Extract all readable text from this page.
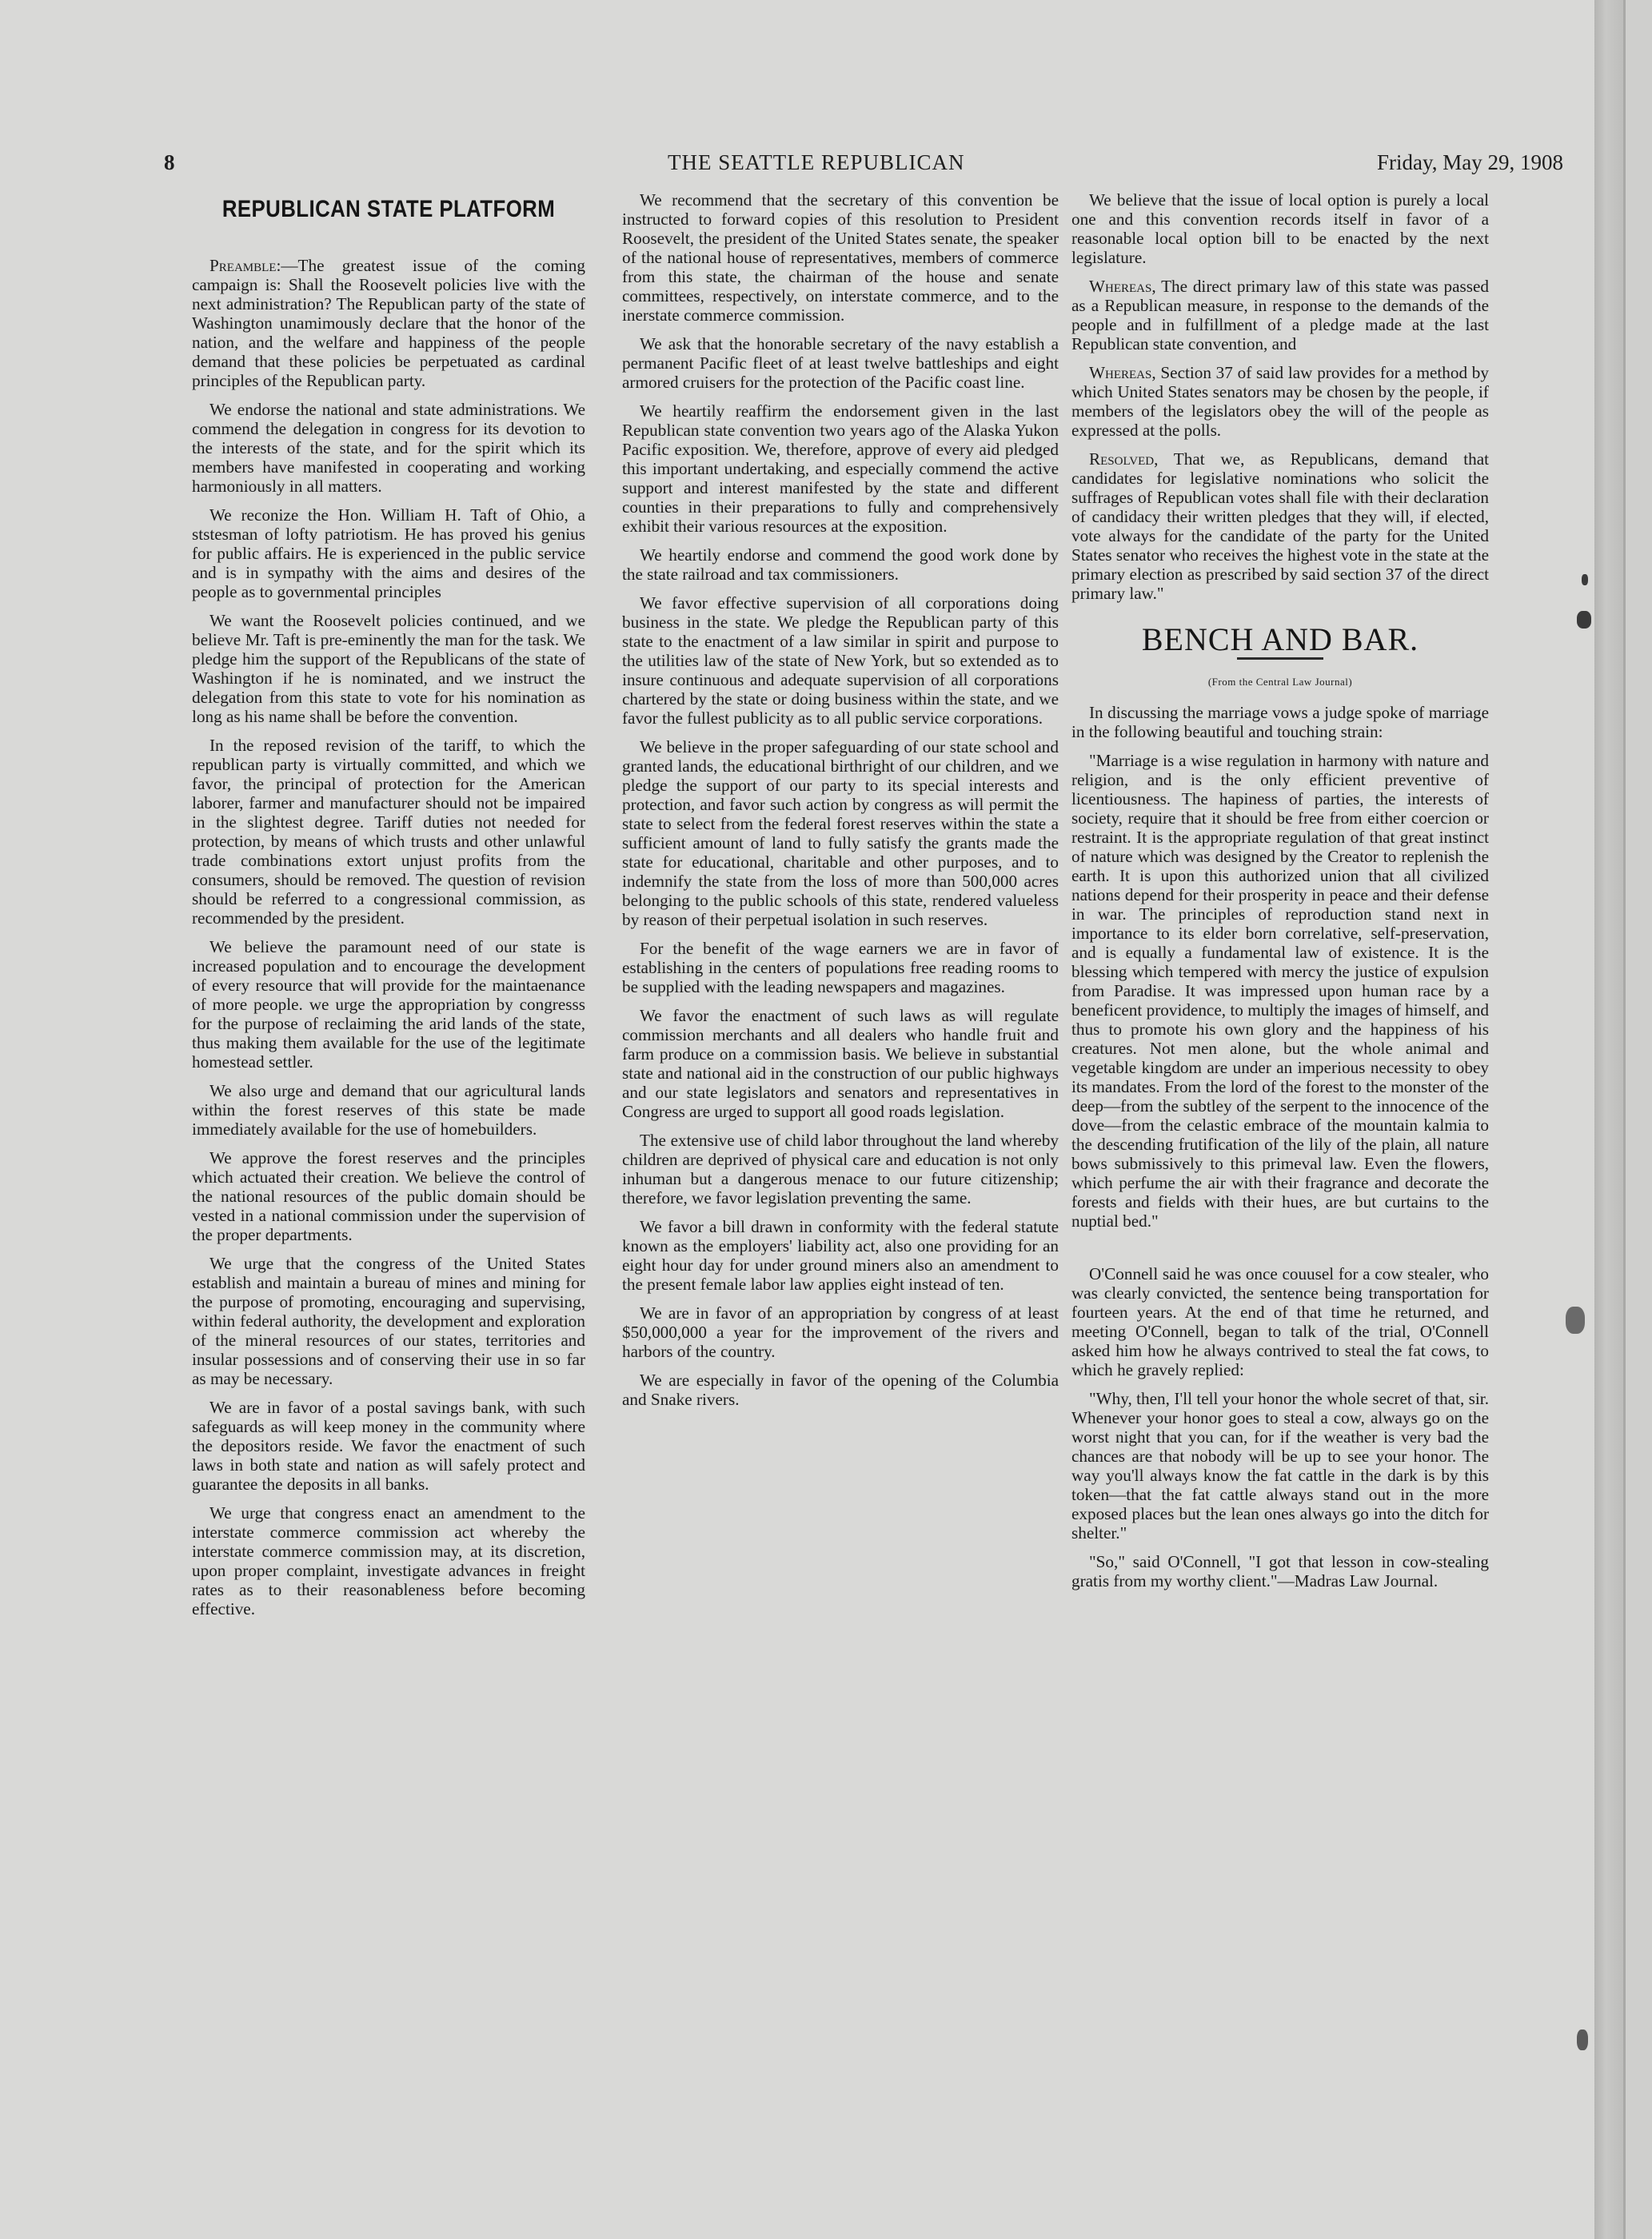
8	THE SEATTLE REPUBLICAN	Friday, May 29, 1908
REPUBLICAN STATE PLATFORM

Preamble:—The greatest issue of the coming campaign is: Shall the Roosevelt policies live with the next administration? The Republican party of the state of Washington unamimously declare that the honor of the nation, and the welfare and happiness of the people demand that these policies be perpetuated as cardinal principles of the Republican party.

We endorse the national and state administrations. We commend the delegation in congress for its devotion to the interests of the state, and for the spirit which its members have manifested in cooperating and working harmoniously in all matters.

We reconize the Hon. William H. Taft of Ohio, a ststesman of lofty patriotism. He has proved his genius for public affairs. He is experienced in the public service and is in sympathy with the aims and desires of the people as to governmental principles

We want the Roosevelt policies continued, and we believe Mr. Taft is pre-eminently the man for the task. We pledge him the support of the Republicans of the state of Washington if he is nominated, and we instruct the delegation from this state to vote for his nomination as long as his name shall be before the convention.

In the reposed revision of the tariff, to which the republican party is virtually committed, and which we favor, the principal of protection for the American laborer, farmer and manufacturer should not be impaired in the slightest degree. Tariff duties not needed for protection, by means of which trusts and other unlawful trade combinations extort unjust profits from the consumers, should be removed. The question of revision should be referred to a congressional commission, as recommended by the president.

We believe the paramount need of our state is increased population and to encourage the development of every resource that will provide for the maintaenance of more people. we urge the appropriation by congresss for the purpose of reclaiming the arid lands of the state, thus making them available for the use of the legitimate homestead settler.

We also urge and demand that our agricultural lands within the forest reserves of this state be made immediately available for the use of homebuilders.

We approve the forest reserves and the principles which actuated their creation. We believe the control of the national resources of the public domain should be vested in a national commission under the supervision of the proper departments.

We urge that the congress of the United States establish and maintain a bureau of mines and mining for the purpose of promoting, encouraging and supervising, within federal authority, the development and exploration of the mineral resources of our states, territories and insular possessions and of conserving their use in so far as may be necessary.

We are in favor of a postal savings bank, with such safeguards as will keep money in the community where the depositors reside. We favor the enactment of such laws in both state and nation as will safely protect and guarantee the deposits in all banks.

We urge that congress enact an amendment to the interstate commerce commission act whereby the interstate commerce commission may, at its discretion, upon proper complaint, investigate advances in freight rates as to their reasonableness before becoming effective.

We recommend that the secretary of this convention be instructed to forward copies of this resolution to President Roosevelt, the president of the United States senate, the speaker of the national house of representatives, members of commerce from this state, the chairman of the house and senate committees, respectively, on interstate commerce, and to the inerstate commerce commission.

We ask that the honorable secretary of the navy establish a permanent Pacific fleet of at least twelve battleships and eight armored cruisers for the protection of the Pacific coast line.

We heartily reaffirm the endorsement given in the last Republican state convention two years ago of the Alaska Yukon Pacific exposition. We, therefore, approve of every aid pledged this important undertaking, and especially commend the active support and interest manifested by the state and different counties in their preparations to fully and comprehensively exhibit their various resources at the exposition.

We heartily endorse and commend the good work done by the state railroad and tax commissioners.

We favor effective supervision of all corporations doing business in the state. We pledge the Republican party of this state to the enactment of a law similar in spirit and purpose to the utilities law of the state of New York, but so extended as to insure continuous and adequate supervision of all corporations chartered by the state or doing business within the state, and we favor the fullest publicity as to all public service corporations.

We believe in the proper safeguarding of our state school and granted lands, the educational birthright of our children, and we pledge the support of our party to its special interests and protection, and favor such action by congress as will permit the state to select from the federal forest reserves within the state a sufficient amount of land to fully satisfy the grants made the state for educational, charitable and other purposes, and to indemnify the state from the loss of more than 500,000 acres belonging to the public schools of this state, rendered valueless by reason of their perpetual isolation in such reserves.

For the benefit of the wage earners we are in favor of establishing in the centers of populations free reading rooms to be supplied with the leading newspapers and magazines.

We favor the enactment of such laws as will regulate commission merchants and all dealers who handle fruit and farm produce on a commission basis. We believe in substantial state and national aid in the construction of our public highways and our state legislators and senators and representatives in Congress are urged to support all good roads legislation.

The extensive use of child labor throughout the land whereby children are deprived of physical care and education is not only inhuman but a dangerous menace to our future citizenship; therefore, we favor legislation preventing the same.

We favor a bill drawn in conformity with the federal statute known as the employers' liability act, also one providing for an eight hour day for under ground miners also an amendment to the present female labor law applies eight instead of ten.

We are in favor of an appropriation by congress of at least $50,000,000 a year for the improvement of the rivers and harbors of the country.

We are especially in favor of the opening of the Columbia and Snake rivers.

We believe that the issue of local option is purely a local one and this convention records itself in favor of a reasonable local option bill to be enacted by the next legislature.

Whereas, The direct primary law of this state was passed as a Republican measure, in response to the demands of the people and in fulfillment of a pledge made at the last Republican state convention, and

Whereas, Section 37 of said law provides for a method by which United States senators may be chosen by the people, if members of the legislators obey the will of the people as expressed at the polls.

Resolved, That we, as Republicans, demand that candidates for legislative nominations who solicit the suffrages of Republican votes shall file with their declaration of candidacy their written pledges that they will, if elected, vote always for the candidate of the party for the United States senator who receives the highest vote in the state at the primary election as prescribed by said section 37 of the direct primary law."

BENCH AND BAR.
(From the Central Law Journal)

In discussing the marriage vows a judge spoke of marriage in the following beautiful and touching strain:

"Marriage is a wise regulation in harmony with nature and religion, and is the only efficient preventive of licentiousness. The hapiness of parties, the interests of society, require that it should be free from either coercion or restraint. It is the appropriate regulation of that great instinct of nature which was designed by the Creator to replenish the earth. It is upon this authorized union that all civilized nations depend for their prosperity in peace and their defense in war. The principles of reproduction stand next in importance to its elder born correlative, self-preservation, and is equally a fundamental law of existence. It is the blessing which tempered with mercy the justice of expulsion from Paradise. It was impressed upon human race by a beneficent providence, to multiply the images of himself, and thus to promote his own glory and the happiness of his creatures. Not men alone, but the whole animal and vegetable kingdom are under an imperious necessity to obey its mandates. From the lord of the forest to the monster of the deep—from the subtley of the serpent to the innocence of the dove—from the celastic embrace of the mountain kalmia to the descending frutification of the lily of the plain, all nature bows submissively to this primeval law. Even the flowers, which perfume the air with their fragrance and decorate the forests and fields with their hues, are but curtains to the nuptial bed."

O'Connell said he was once couusel for a cow stealer, who was clearly convicted, the sentence being transportation for fourteen years. At the end of that time he returned, and meeting O'Connell, began to talk of the trial, O'Connell asked him how he always contrived to steal the fat cows, to which he gravely replied:

"Why, then, I'll tell your honor the whole secret of that, sir. Whenever your honor goes to steal a cow, always go on the worst night that you can, for if the weather is very bad the chances are that nobody will be up to see your honor. The way you'll always know the fat cattle in the dark is by this token—that the fat cattle always stand out in the more exposed places but the lean ones always go into the ditch for shelter."

"So," said O'Connell, "I got that lesson in cow-stealing gratis from my worthy client."—Madras Law Journal.
